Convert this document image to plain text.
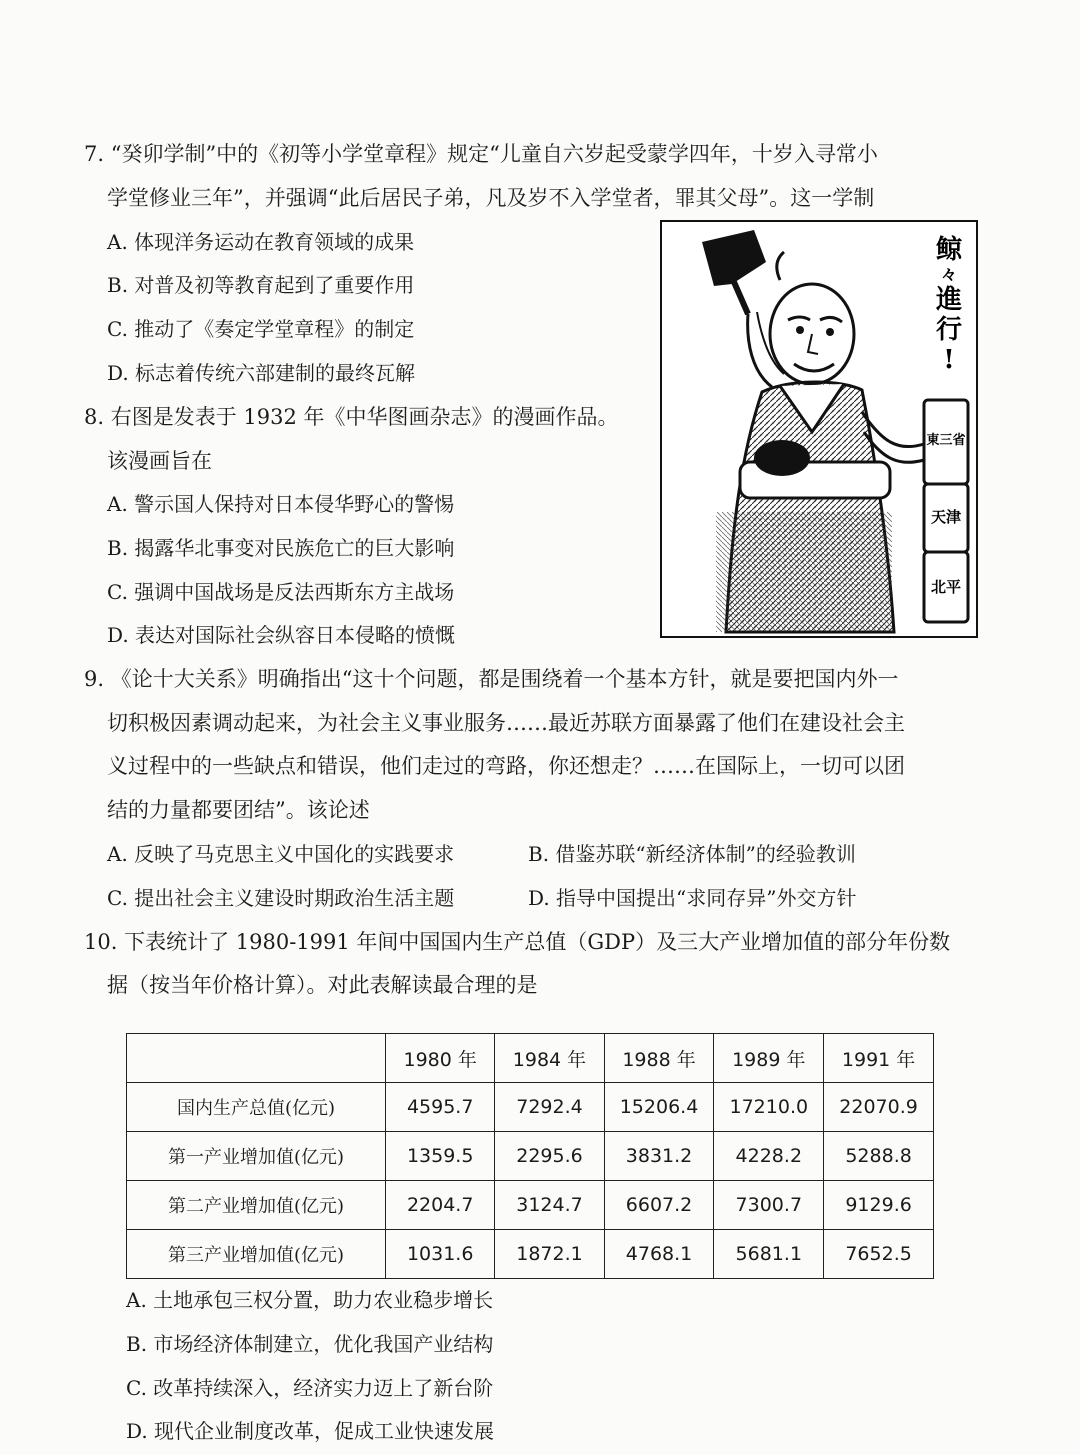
7. “癸卯学制”中的《初等小学堂章程》规定“儿童自六岁起受蒙学四年，十岁入寻常小
学堂修业三年”，并强调“此后居民子弟，凡及岁不入学堂者，罪其父母”。这一学制
A. 体现洋务运动在教育领域的成果
B. 对普及初等教育起到了重要作用
C. 推动了《奏定学堂章程》的制定
D. 标志着传统六部建制的最终瓦解
8. 右图是发表于 1932 年《中华图画杂志》的漫画作品。
该漫画旨在
A. 警示国人保持对日本侵华野心的警惕
B. 揭露华北事变对民族危亡的巨大影响
C. 强调中国战场是反法西斯东方主战场
D. 表达对国际社会纵容日本侵略的愤慨
鲸
々
進
行
!
東三省
天津
北平
9. 《论十大关系》明确指出“这十个问题，都是围绕着一个基本方针，就是要把国内外一
切积极因素调动起来，为社会主义事业服务……最近苏联方面暴露了他们在建设社会主
义过程中的一些缺点和错误，他们走过的弯路，你还想走？……在国际上，一切可以团
结的力量都要团结”。该论述
A. 反映了马克思主义中国化的实践要求	B. 借鉴苏联“新经济体制”的经验教训
C. 提出社会主义建设时期政治生活主题	D. 指导中国提出“求同存异”外交方针
10. 下表统计了 1980-1991 年间中国国内生产总值（GDP）及三大产业增加值的部分年份数
据（按当年价格计算）。对此表解读最合理的是
	1980 年	1984 年	1988 年	1989 年	1991 年
国内生产总值(亿元)	4595.7	7292.4	15206.4	17210.0	22070.9
第一产业增加值(亿元)	1359.5	2295.6	3831.2	4228.2	5288.8
第二产业增加值(亿元)	2204.7	3124.7	6607.2	7300.7	9129.6
第三产业增加值(亿元)	1031.6	1872.1	4768.1	5681.1	7652.5
A. 土地承包三权分置，助力农业稳步增长
B. 市场经济体制建立，优化我国产业结构
C. 改革持续深入，经济实力迈上了新台阶
D. 现代企业制度改革，促成工业快速发展
